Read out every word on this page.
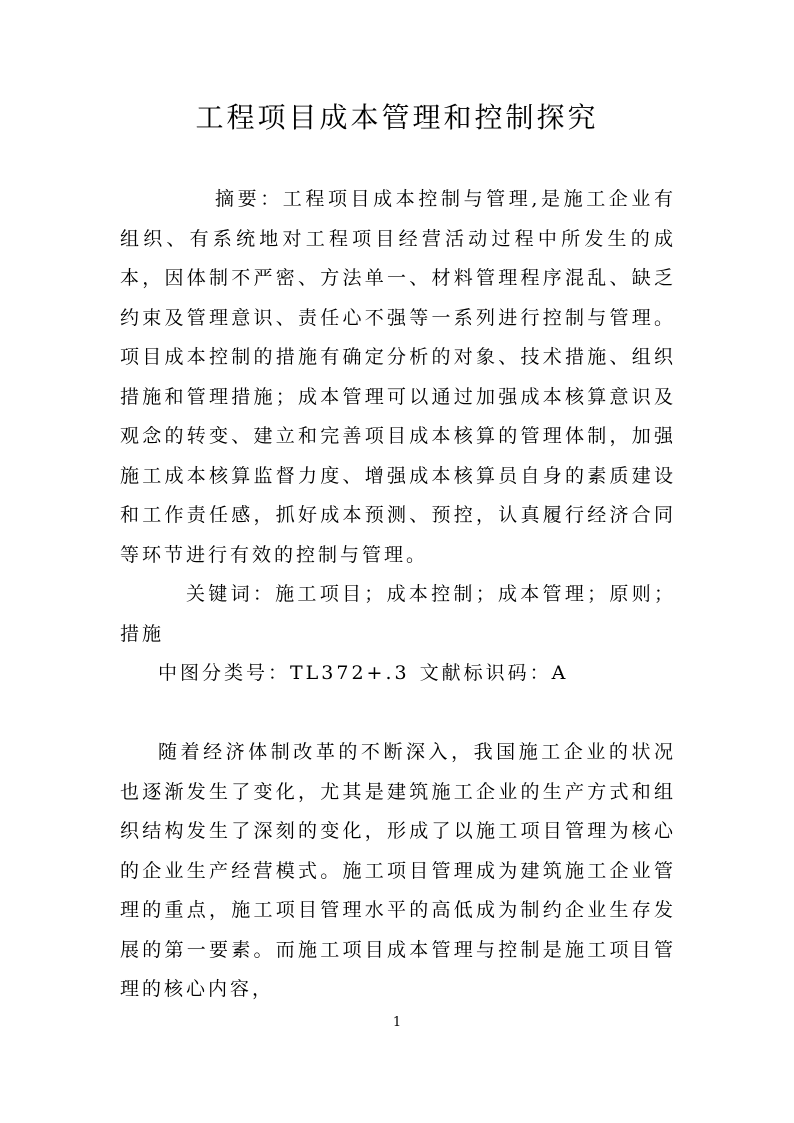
工程项目成本管理和控制探究

摘要：工程项目成本控制与管理,是施工企业有组织、有系统地对工程项目经营活动过程中所发生的成本，因体制不严密、方法单一、材料管理程序混乱、缺乏约束及管理意识、责任心不强等一系列进行控制与管理。项目成本控制的措施有确定分析的对象、技术措施、组织措施和管理措施；成本管理可以通过加强成本核算意识及观念的转变、建立和完善项目成本核算的管理体制，加强施工成本核算监督力度、增强成本核算员自身的素质建设和工作责任感，抓好成本预测、预控，认真履行经济合同等环节进行有效的控制与管理。

关键词：施工项目；成本控制；成本管理；原则；措施

中图分类号：TL372+.3 文献标识码：A

随着经济体制改革的不断深入，我国施工企业的状况也逐渐发生了变化，尤其是建筑施工企业的生产方式和组织结构发生了深刻的变化，形成了以施工项目管理为核心的企业生产经营模式。施工项目管理成为建筑施工企业管理的重点，施工项目管理水平的高低成为制约企业生存发展的第一要素。而施工项目成本管理与控制是施工项目管理的核心内容，

1
